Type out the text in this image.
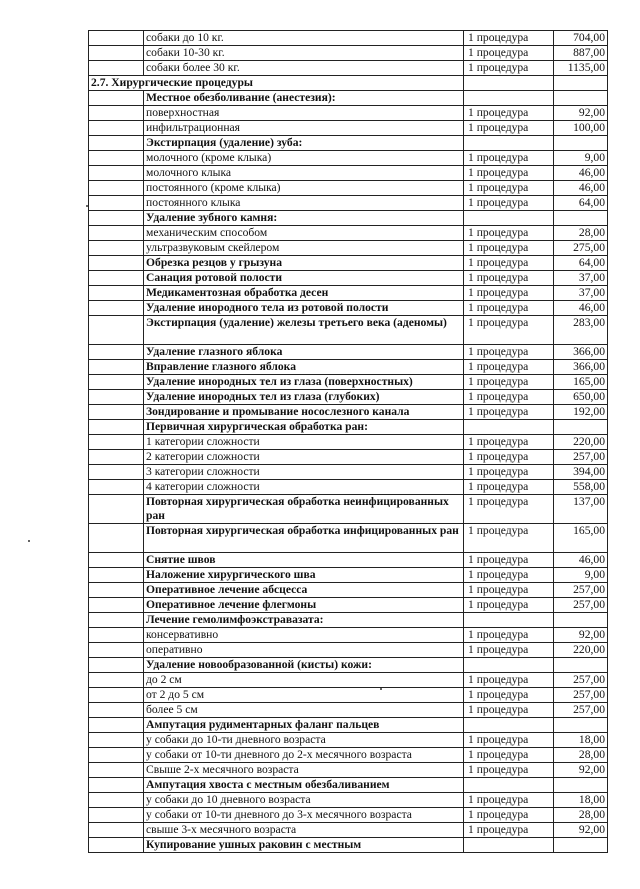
	собаки до 10 кг.	1 процедура	704,00
	собаки 10-30 кг.	1 процедура	887,00
	собаки более 30 кг.	1 процедура	1135,00
2.7. Хирургические процедуры			
	Местное обезболивание (анестезия):		
	поверхностная	1 процедура	92,00
	инфильтрационная	1 процедура	100,00
	Экстирпация (удаление) зуба:		
	молочного (кроме клыка)	1 процедура	9,00
	молочного клыка	1 процедура	46,00
	постоянного (кроме клыка)	1 процедура	46,00
	постоянного клыка	1 процедура	64,00
	Удаление зубного камня:		
	механическим способом	1 процедура	28,00
	ультразвуковым скейлером	1 процедура	275,00
	Обрезка резцов у грызуна	1 процедура	64,00
	Санация ротовой полости	1 процедура	37,00
	Медикаментозная обработка десен	1 процедура	37,00
	Удаление инородного тела из ротовой полости	1 процедура	46,00
	Экстирпация (удаление) железы третьего века (аденомы)	1 процедура	283,00
	Удаление глазного яблока	1 процедура	366,00
	Вправление глазного яблока	1 процедура	366,00
	Удаление инородных тел из глаза (поверхностных)	1 процедура	165,00
	Удаление инородных тел из глаза (глубоких)	1 процедура	650,00
	Зондирование и промывание носослезного канала	1 процедура	192,00
	Первичная хирургическая обработка ран:		
	1 категории сложности	1 процедура	220,00
	2 категории сложности	1 процедура	257,00
	3 категории сложности	1 процедура	394,00
	4 категории сложности	1 процедура	558,00
	Повторная хирургическая обработка неинфицированных ран	1 процедура	137,00
	Повторная хирургическая обработка инфицированных ран	1 процедура	165,00
	Снятие швов	1 процедура	46,00
	Наложение хирургического шва	1 процедура	9,00
	Оперативное лечение абсцесса	1 процедура	257,00
	Оперативное лечение флегмоны	1 процедура	257,00
	Лечение гемолимфоэкстравазата:		
	консервативно	1 процедура	92,00
	оперативно	1 процедура	220,00
	Удаление новообразованной (кисты) кожи:		
	до 2 см	1 процедура	257,00
	от 2 до 5 см	1 процедура	257,00
	более 5 см	1 процедура	257,00
	Ампутация рудиментарных фаланг пальцев		
	у собаки до 10-ти дневного возраста	1 процедура	18,00
	у собаки от 10-ти дневного до 2-х месячного возраста	1 процедура	28,00
	Свыше 2-х месячного возраста	1 процедура	92,00
	Ампутация хвоста с местным обезбаливанием		
	у собаки до 10 дневного возраста	1 процедура	18,00
	у собаки от 10-ти дневного до 3-х месячного возраста	1 процедура	28,00
	свыше 3-х месячного возраста	1 процедура	92,00
	Купирование ушных раковин с местным		
